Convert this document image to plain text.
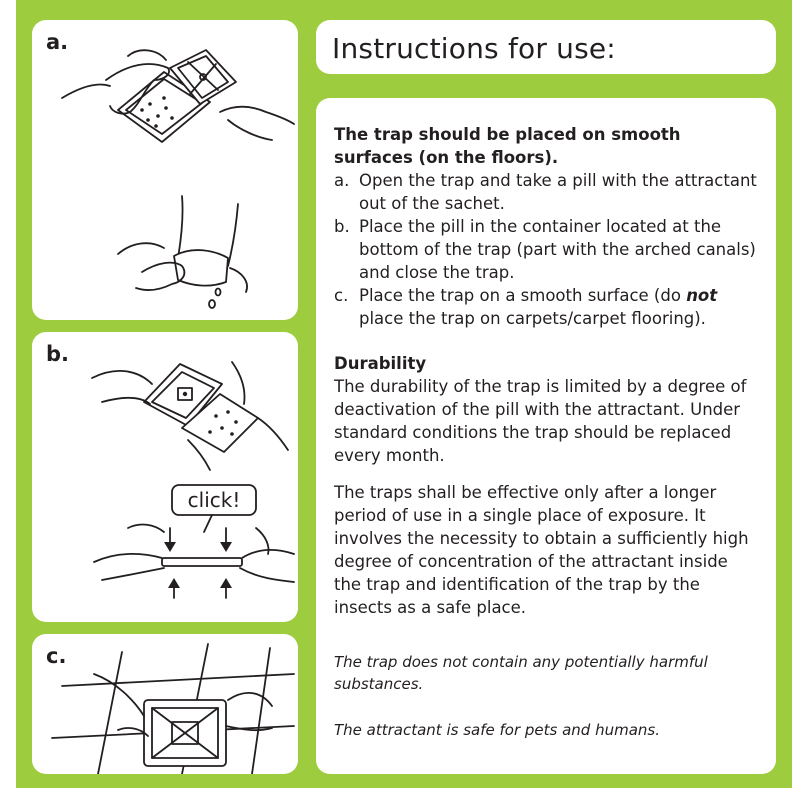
a.
b.
click!
c.
Instructions for use:

The trap should be placed on smooth surfaces (on the floors).

a. Open the trap and take a pill with the attractant out of the sachet.
b. Place the pill in the container located at the bottom of the trap (part with the arched canals) and close the trap.
c. Place the trap on a smooth surface (do not place the trap on carpets/carpet flooring).

Durability

The durability of the trap is limited by a degree of deactivation of the pill with the attractant. Under standard conditions the trap should be replaced every month.

The traps shall be effective only after a longer period of use in a single place of exposure. It involves the necessity to obtain a sufficiently high degree of concentration of the attractant inside the trap and identification of the trap by the insects as a safe place.

The trap does not contain any potentially harmful substances.

The attractant is safe for pets and humans.
